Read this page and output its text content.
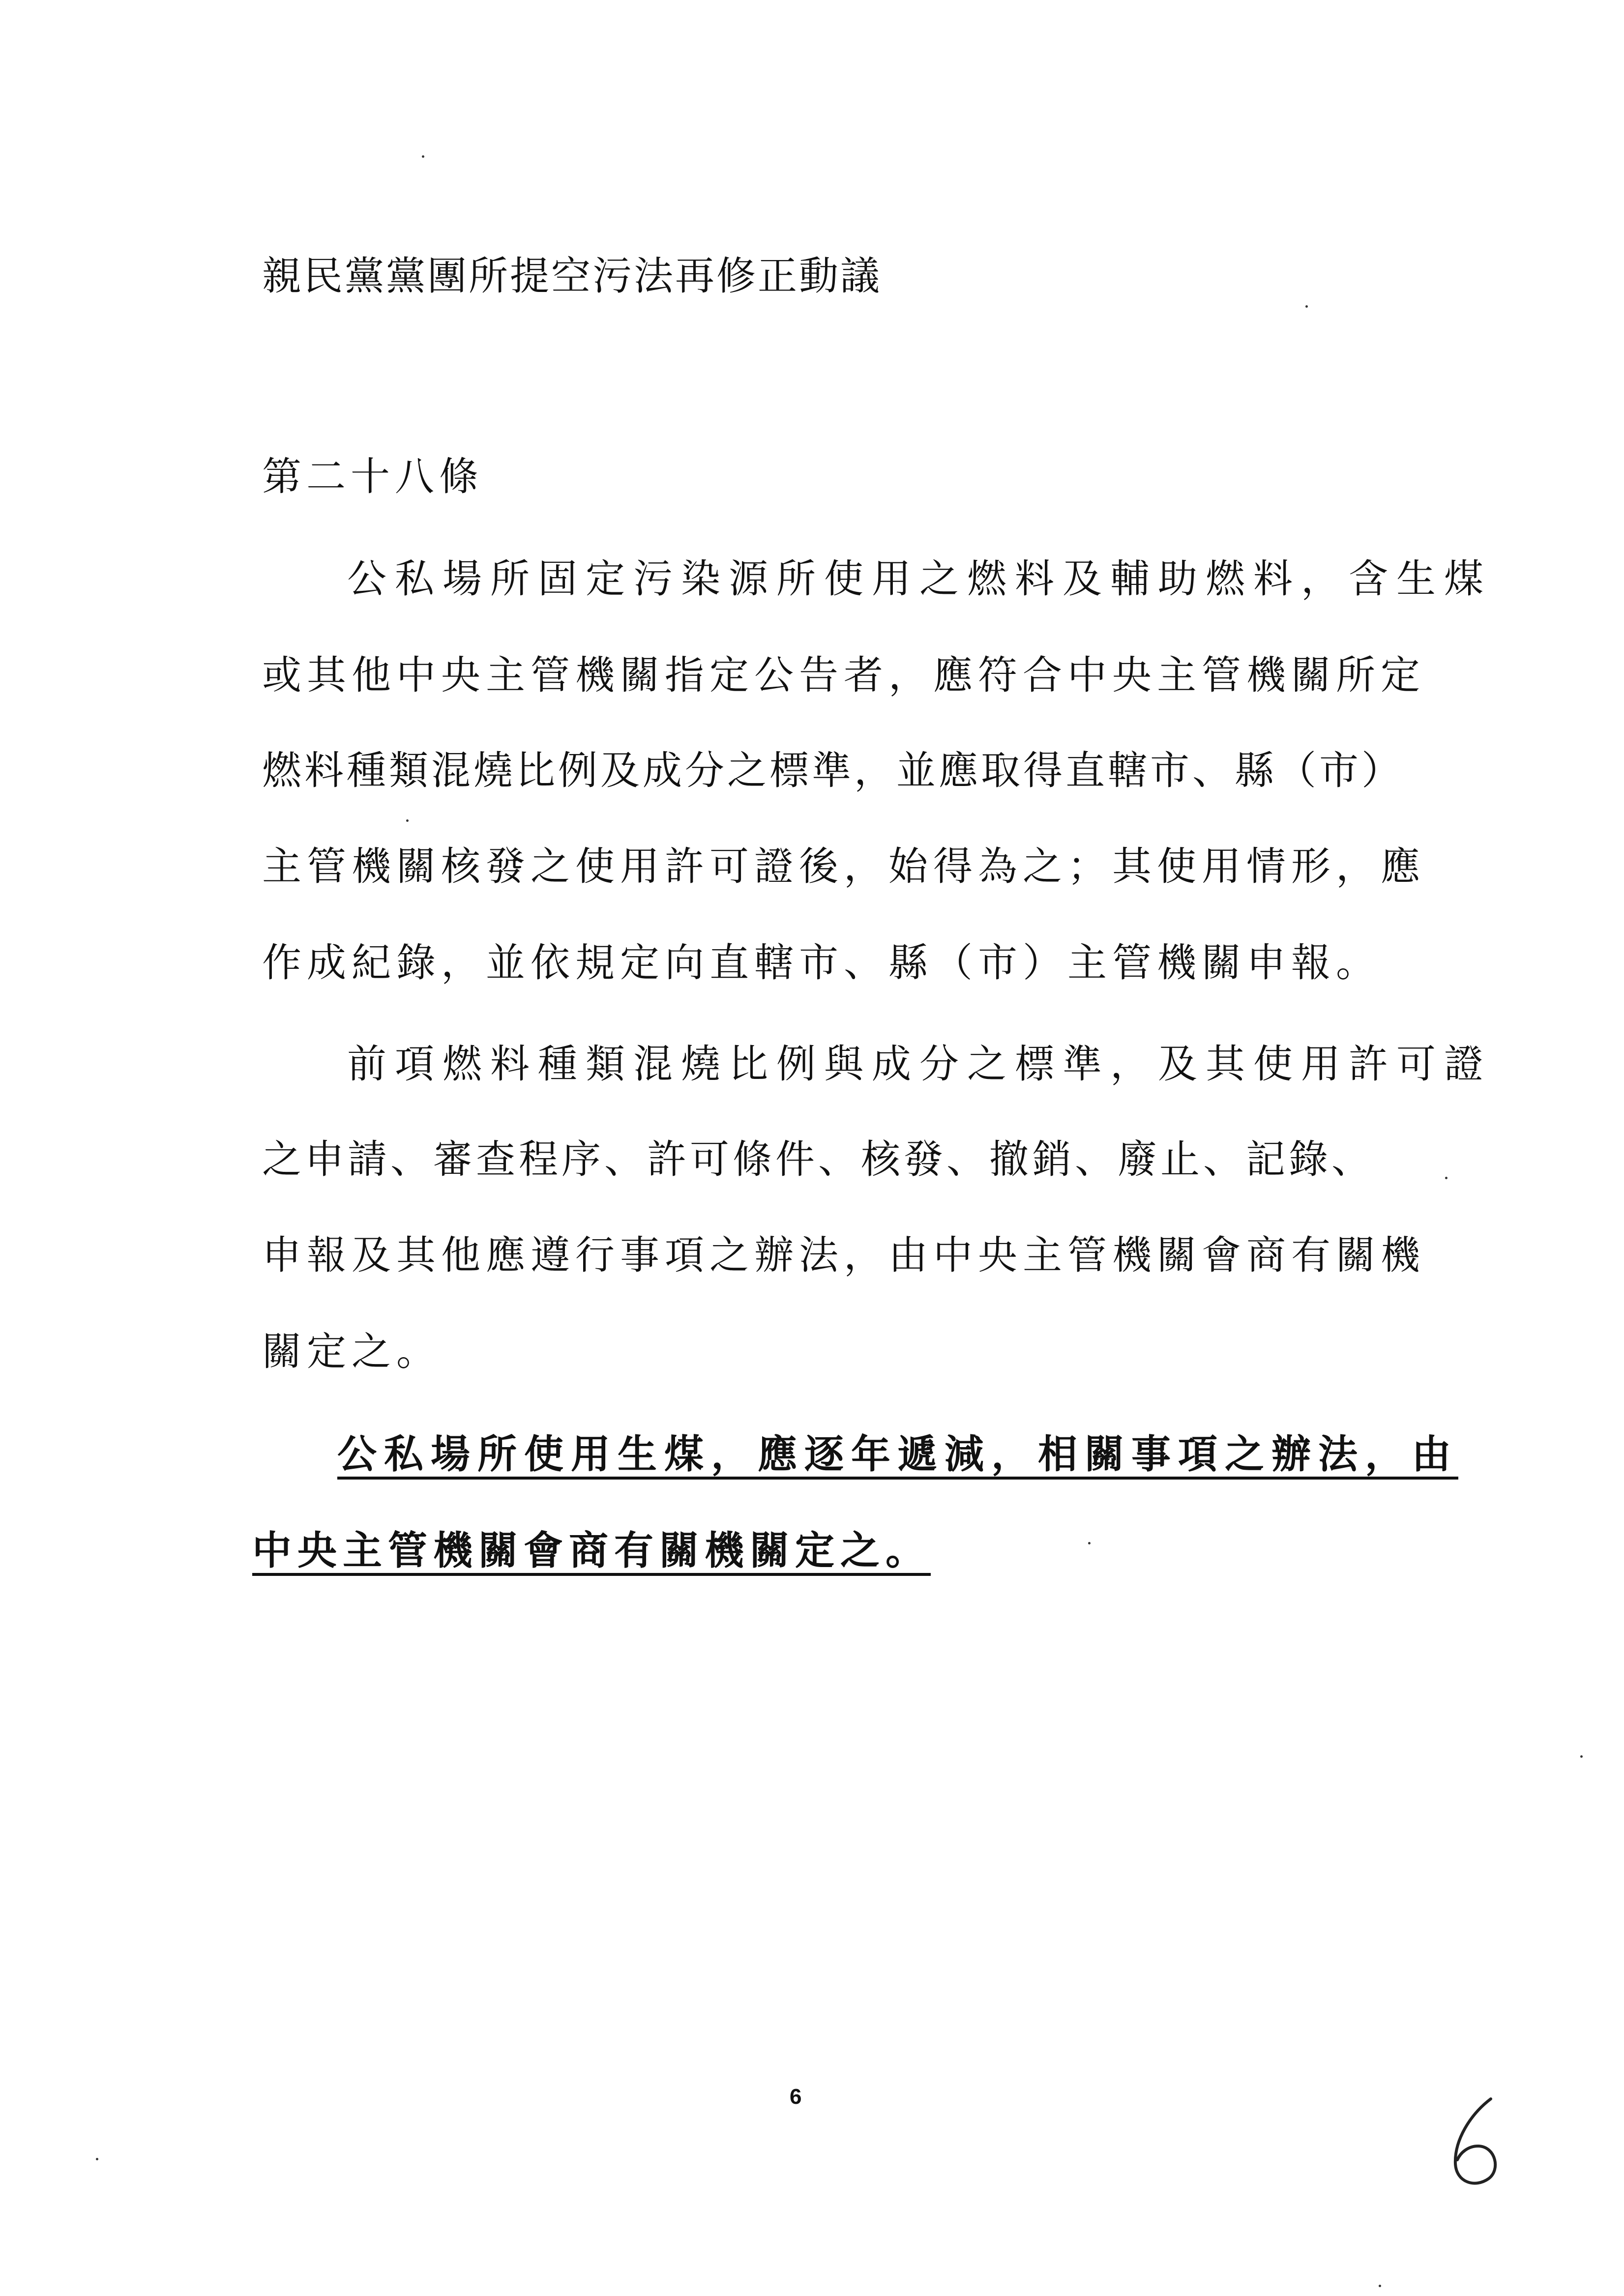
親民黨黨團所提空污法再修正動議
第二十八條
公私場所固定污染源所使用之燃料及輔助燃料，含生煤
或其他中央主管機關指定公告者，應符合中央主管機關所定
燃料種類混燒比例及成分之標準，並應取得直轄市、縣（市）
主管機關核發之使用許可證後，始得為之；其使用情形，應
作成紀錄，並依規定向直轄市、縣（市）主管機關申報。
前項燃料種類混燒比例與成分之標準，及其使用許可證
之申請、審查程序、許可條件、核發、撤銷、廢止、記錄、
申報及其他應遵行事項之辦法，由中央主管機關會商有關機
關定之。
公私場所使用生煤，應逐年遞減，相關事項之辦法，由
中央主管機關會商有關機關定之。
6
